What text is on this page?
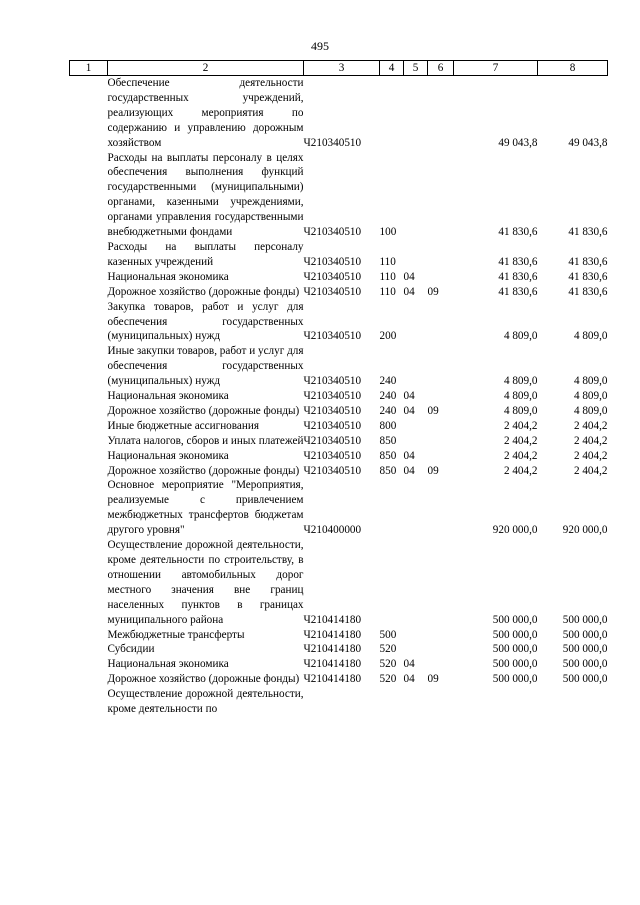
495
1	2	3	4	5	6	7	8
	Обеспечение деятельности государственных учреждений, реализующих мероприятия по содержанию и управлению дорожным хозяйством	Ч210340510				49 043,8	49 043,8
	Расходы на выплаты персоналу в целях обеспечения выполнения функций государственными (муниципальными) органами, казенными учреждениями, органами управления государственными внебюджетными фондами	Ч210340510	100			41 830,6	41 830,6
	Расходы на выплаты персоналу казенных учреждений	Ч210340510	110			41 830,6	41 830,6
	Национальная экономика	Ч210340510	110	04		41 830,6	41 830,6
	Дорожное хозяйство (дорожные фонды)	Ч210340510	110	04	09	41 830,6	41 830,6
	Закупка товаров, работ и услуг для обеспечения государственных (муниципальных) нужд	Ч210340510	200			4 809,0	4 809,0
	Иные закупки товаров, работ и услуг для обеспечения государственных (муниципальных) нужд	Ч210340510	240			4 809,0	4 809,0
	Национальная экономика	Ч210340510	240	04		4 809,0	4 809,0
	Дорожное хозяйство (дорожные фонды)	Ч210340510	240	04	09	4 809,0	4 809,0
	Иные бюджетные ассигнования	Ч210340510	800			2 404,2	2 404,2
	Уплата налогов, сборов и иных платежей	Ч210340510	850			2 404,2	2 404,2
	Национальная экономика	Ч210340510	850	04		2 404,2	2 404,2
	Дорожное хозяйство (дорожные фонды)	Ч210340510	850	04	09	2 404,2	2 404,2
	Основное мероприятие "Мероприятия, реализуемые с привлечением межбюджетных трансфертов бюджетам другого уровня"	Ч210400000				920 000,0	920 000,0
	Осуществление дорожной деятельности, кроме деятельности по строительству, в отношении автомобильных дорог местного значения вне границ населенных пунктов в границах муниципального района	Ч210414180				500 000,0	500 000,0
	Межбюджетные трансферты	Ч210414180	500			500 000,0	500 000,0
	Субсидии	Ч210414180	520			500 000,0	500 000,0
	Национальная экономика	Ч210414180	520	04		500 000,0	500 000,0
	Дорожное хозяйство (дорожные фонды)	Ч210414180	520	04	09	500 000,0	500 000,0
	Осуществление дорожной деятельности, кроме деятельности по						
